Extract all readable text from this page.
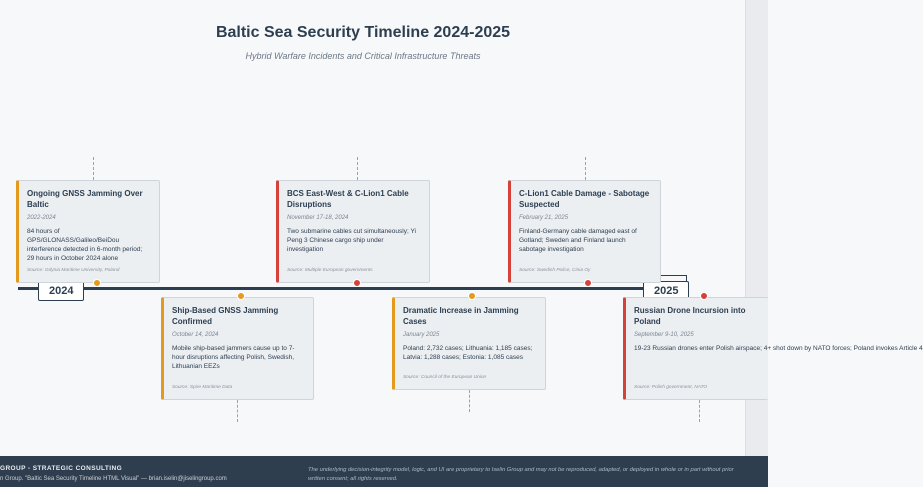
Baltic Sea Security Timeline 2024-2025
Hybrid Warfare Incidents and Critical Infrastructure Threats
2024	2025
Ongoing GNSS Jamming Over Baltic
2022-2024
84 hours of GPS/GLONASS/Galileo/BeiDou interference detected in 6-month period; 29 hours in October 2024 alone
Source: Gdynia Maritime University, Poland
BCS East-West & C-Lion1 Cable Disruptions
November 17-18, 2024
Two submarine cables cut simultaneously; Yi Peng 3 Chinese cargo ship under investigation
Source: Multiple European governments
C-Lion1 Cable Damage - Sabotage Suspected
February 21, 2025
Finland-Germany cable damaged east of Gotland; Sweden and Finland launch sabotage investigation
Source: Swedish Police, Cinia Oy
Ship-Based GNSS Jamming Confirmed
October 14, 2024
Mobile ship-based jammers cause up to 7-hour disruptions affecting Polish, Swedish, Lithuanian EEZs
Source: Spire Maritime Data
Dramatic Increase in Jamming Cases
January 2025
Poland: 2,732 cases; Lithuania: 1,185 cases; Latvia: 1,288 cases; Estonia: 1,085 cases
Source: Council of the European Union
Russian Drone Incursion into Poland
September 9-10, 2025
19-23 Russian drones enter Polish airspace; 4+ shot down by NATO forces; Poland invokes Article 4
Source: Polish government, NATO
GROUP - STRATEGIC CONSULTING
n Group. "Baltic Sea Security Timeline HTML Visual" — brian.iselin@jiselingroup.com
The underlying decision-integrity model, logic, and UI are proprietary to Iselin Group and may not be reproduced, adapted, or deployed in whole or in part without prior written consent; all rights reserved.
